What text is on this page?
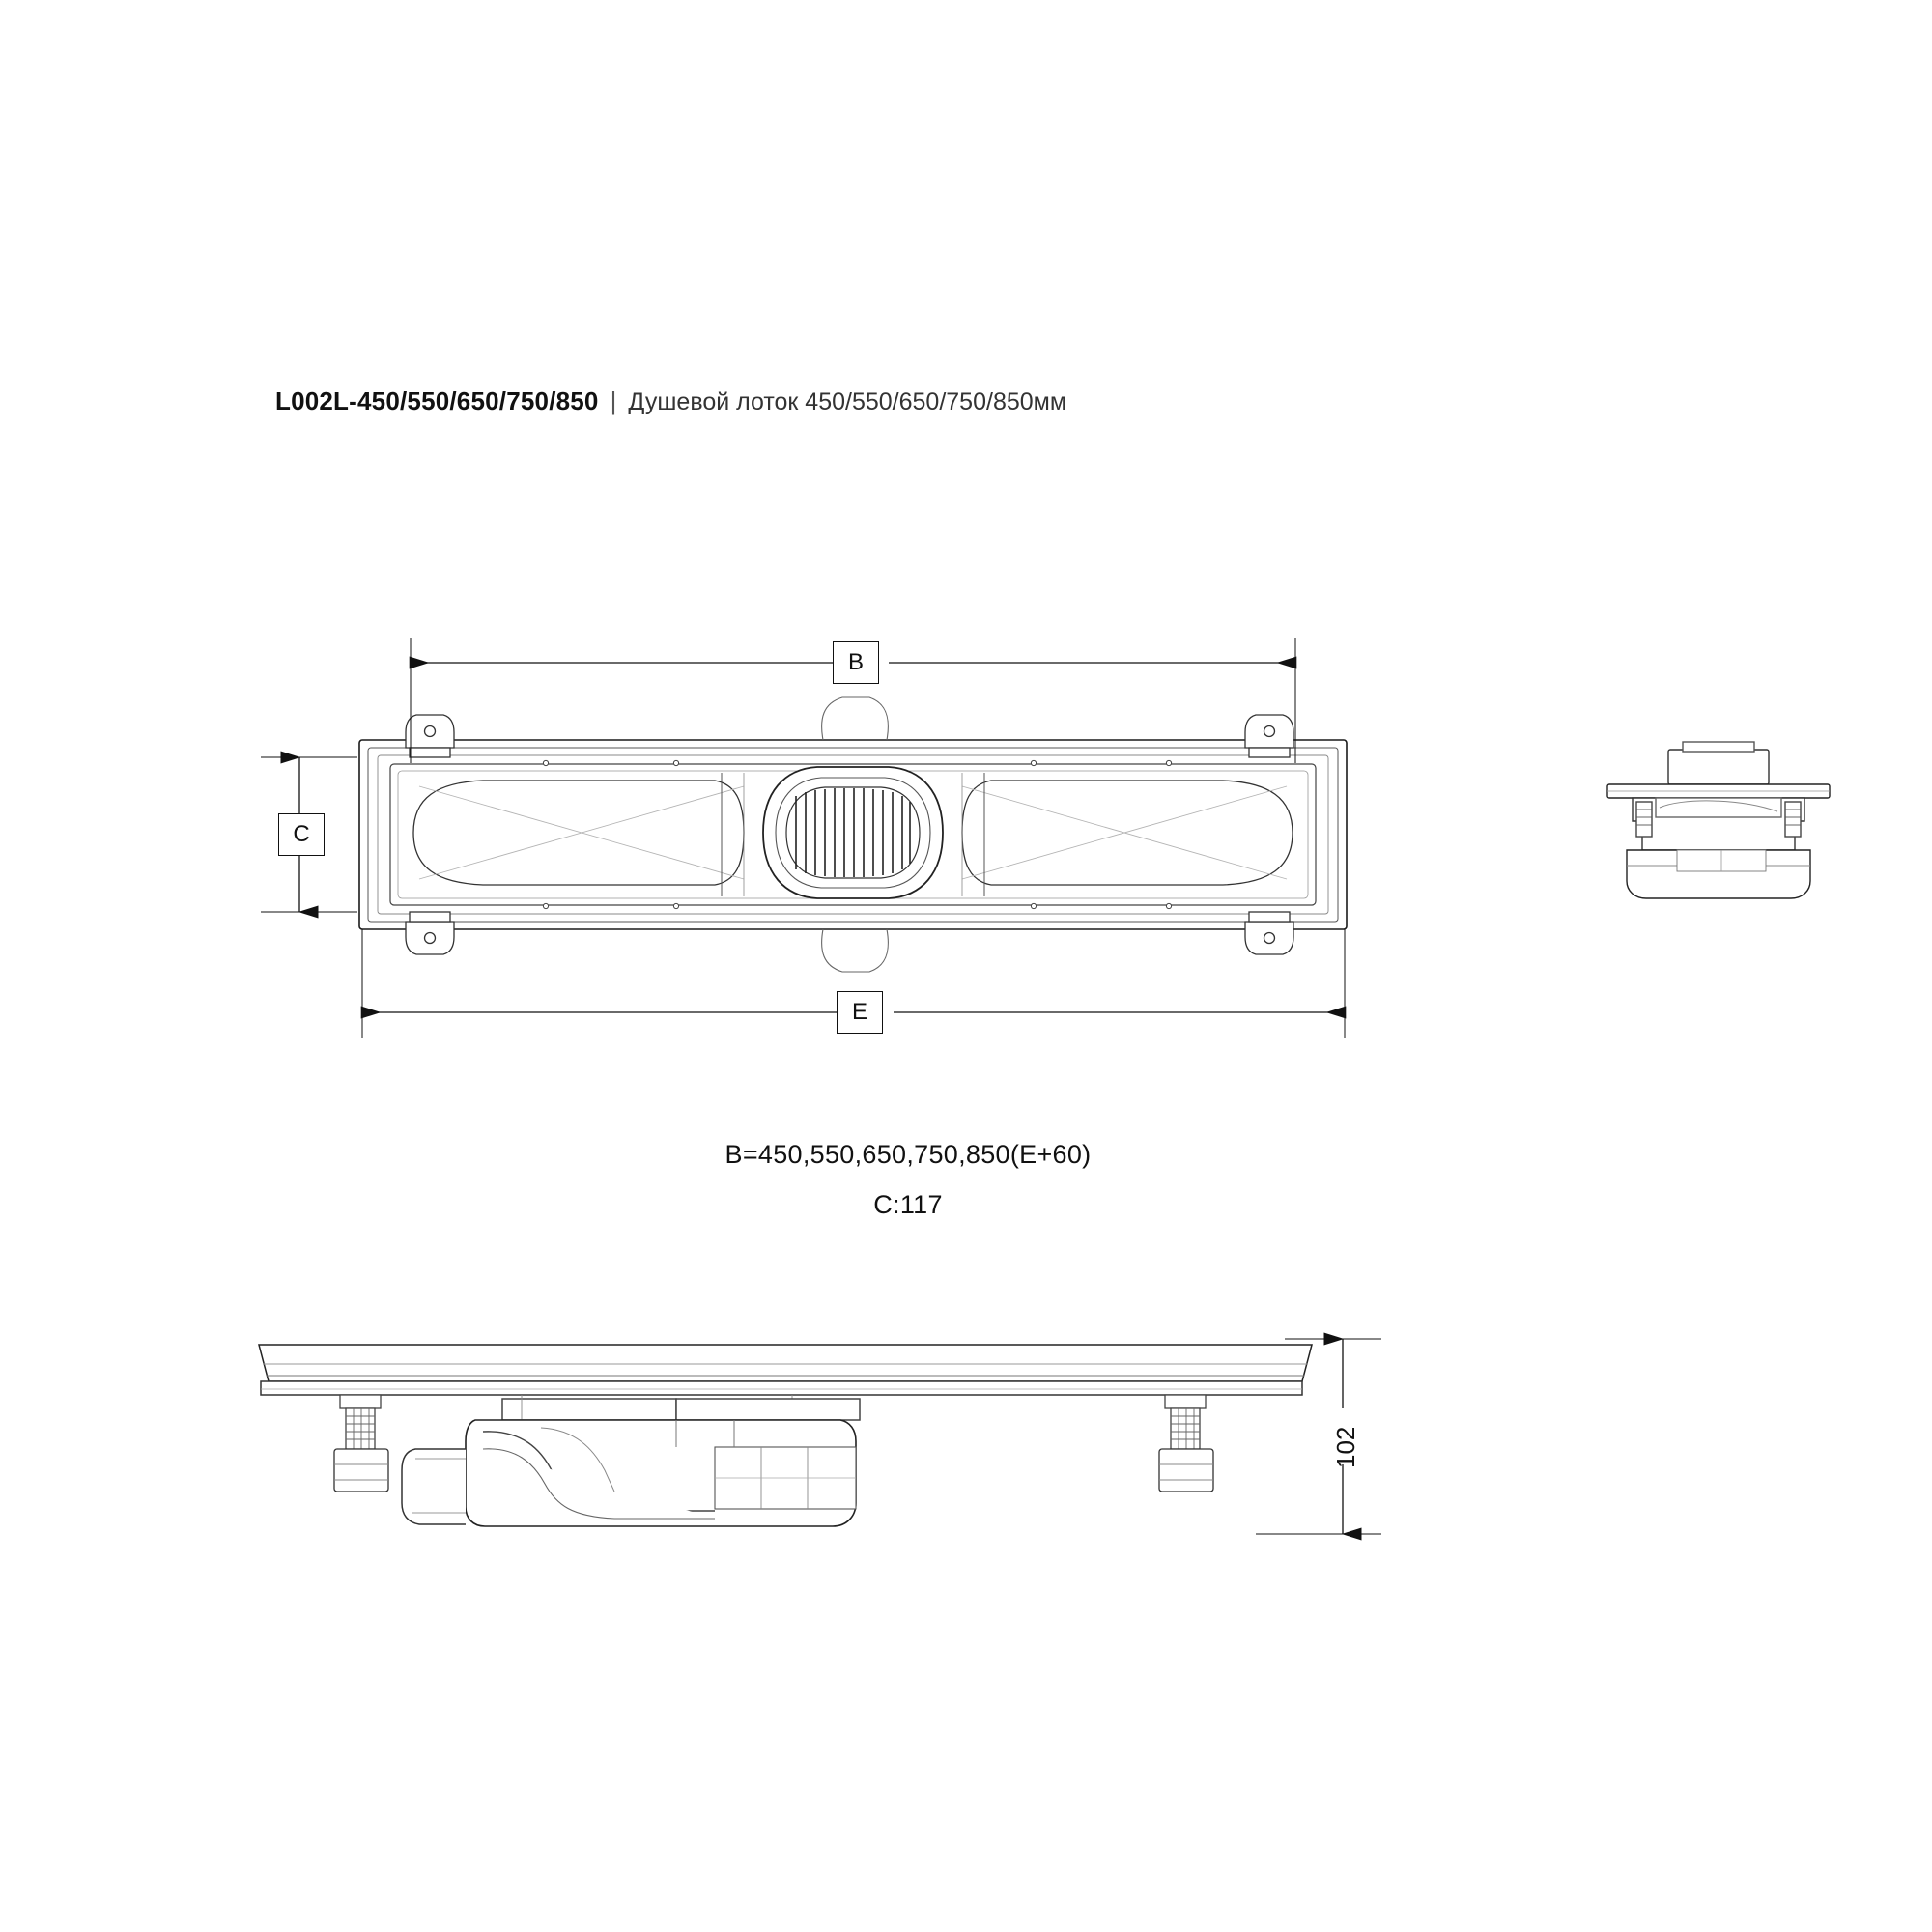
L002L-450/550/650/750/850 | Душевой лоток 450/550/650/750/850мм
B
C
E
B=450,550,650,750,850(E+60)
C:117
102
